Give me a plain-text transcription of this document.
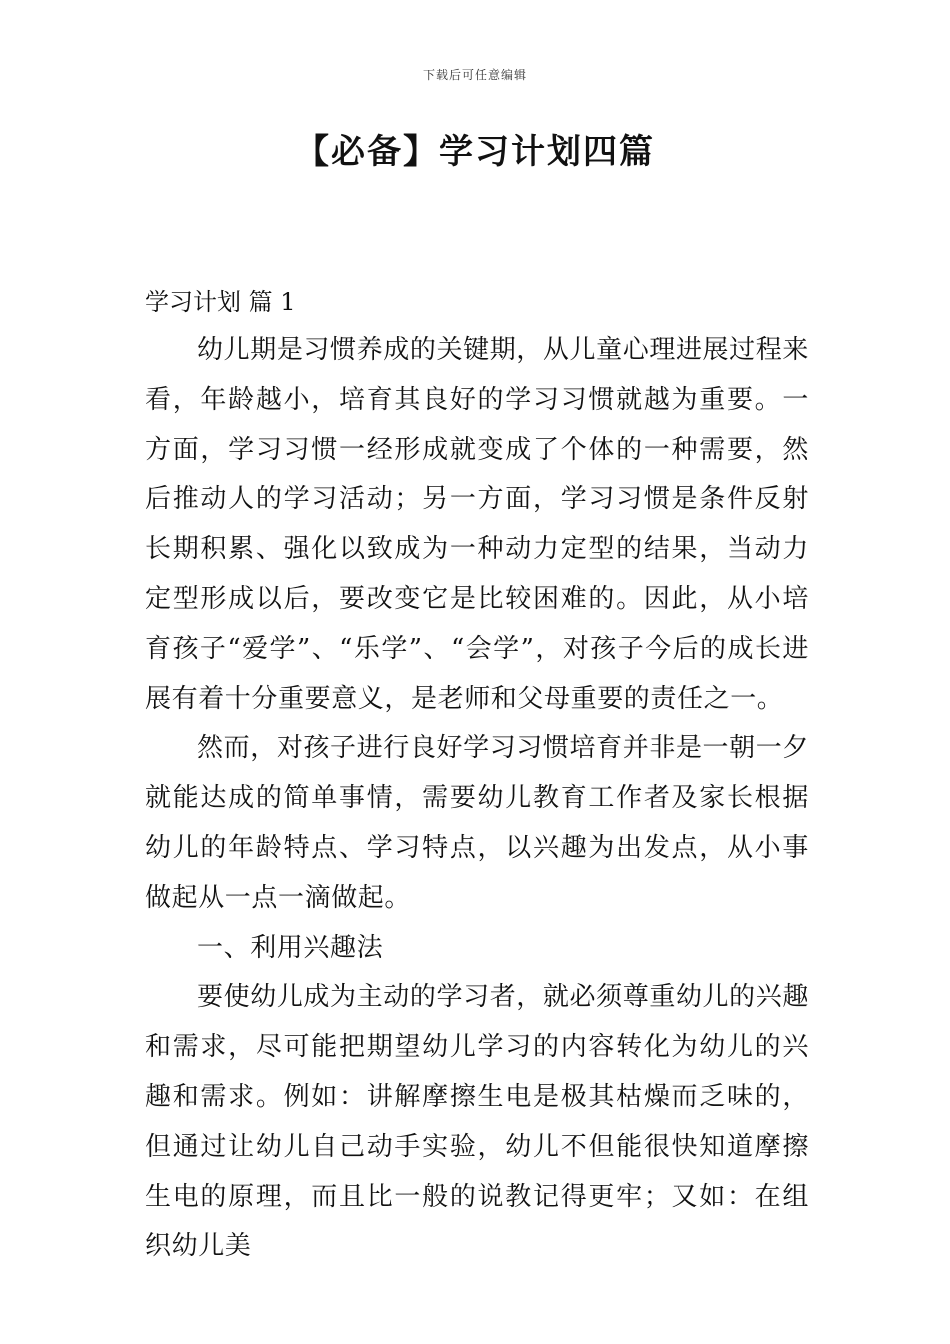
下载后可任意编辑
【必备】学习计划四篇
学习计划 篇 1

幼儿期是习惯养成的关键期，从儿童心理进展过程来看，年龄越小，培育其良好的学习习惯就越为重要。一方面，学习习惯一经形成就变成了个体的一种需要，然后推动人的学习活动；另一方面，学习习惯是条件反射长期积累、强化以致成为一种动力定型的结果，当动力定型形成以后，要改变它是比较困难的。因此，从小培育孩子“爱学”、“乐学”、“会学”，对孩子今后的成长进展有着十分重要意义，是老师和父母重要的责任之一。

然而，对孩子进行良好学习习惯培育并非是一朝一夕就能达成的简单事情，需要幼儿教育工作者及家长根据幼儿的年龄特点、学习特点，以兴趣为出发点，从小事做起从一点一滴做起。

一、利用兴趣法

要使幼儿成为主动的学习者，就必须尊重幼儿的兴趣和需求，尽可能把期望幼儿学习的内容转化为幼儿的兴趣和需求。例如：讲解摩擦生电是极其枯燥而乏味的，但通过让幼儿自己动手实验，幼儿不但能很快知道摩擦生电的原理，而且比一般的说教记得更牢；又如：在组织幼儿美
